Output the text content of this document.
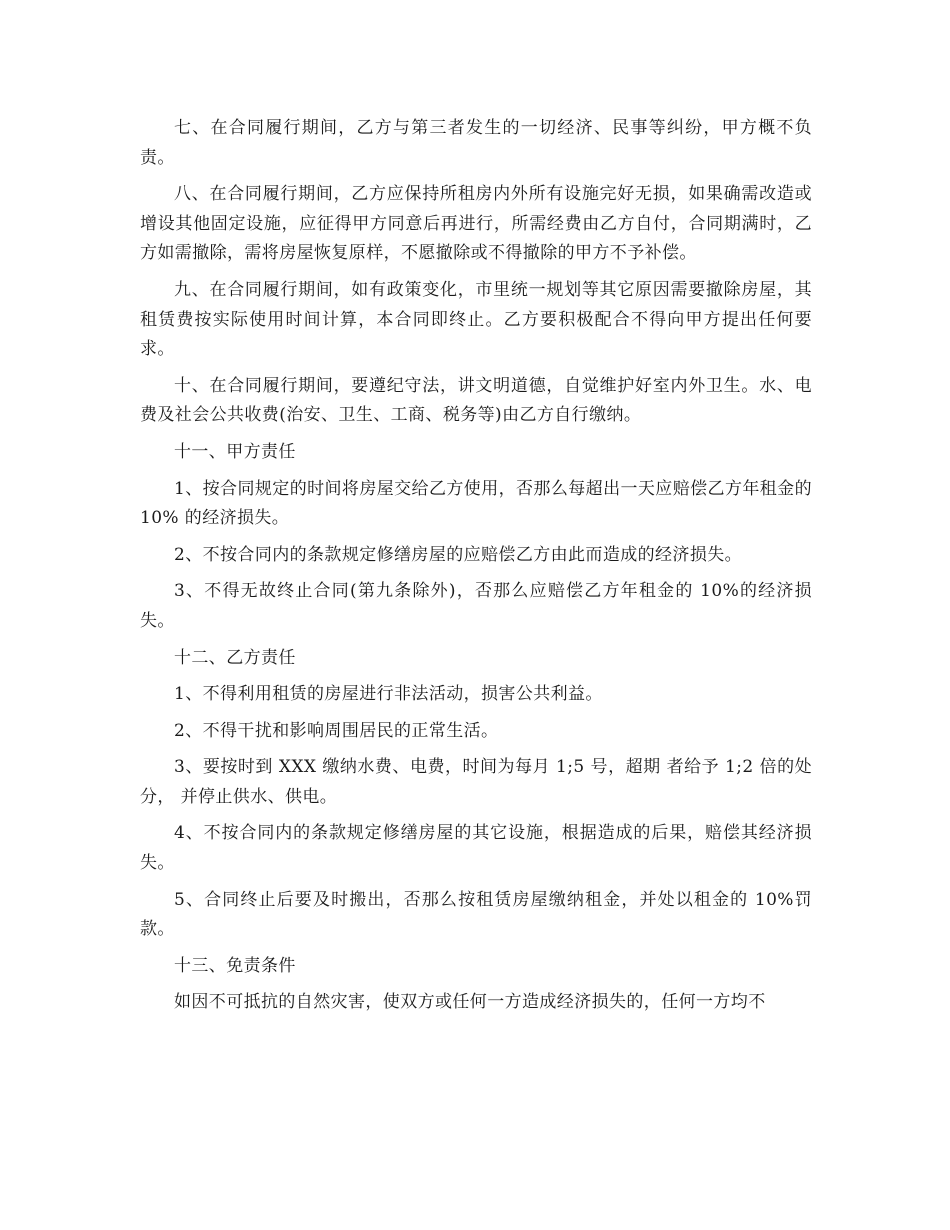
七、在合同履行期间，乙方与第三者发生的一切经济、民事等纠纷，甲方概不负责。

八、在合同履行期间，乙方应保持所租房内外所有设施完好无损，如果确需改造或增设其他固定设施，应征得甲方同意后再进行，所需经费由乙方自付，合同期满时，乙方如需撤除，需将房屋恢复原样，不愿撤除或不得撤除的甲方不予补偿。

九、在合同履行期间，如有政策变化，市里统一规划等其它原因需要撤除房屋，其租赁费按实际使用时间计算，本合同即终止。乙方要积极配合不得向甲方提出任何要求。

十、在合同履行期间，要遵纪守法，讲文明道德，自觉维护好室内外卫生。水、电费及社会公共收费(治安、卫生、工商、税务等)由乙方自行缴纳。

十一、甲方责任

1、按合同规定的时间将房屋交给乙方使用，否那么每超出一天应赔偿乙方年租金的 10% 的经济损失。

2、不按合同内的条款规定修缮房屋的应赔偿乙方由此而造成的经济损失。

3、不得无故终止合同(第九条除外)，否那么应赔偿乙方年租金的 10%的经济损失。

十二、乙方责任

1、不得利用租赁的房屋进行非法活动，损害公共利益。

2、不得干扰和影响周围居民的正常生活。

3、要按时到 XXX 缴纳水费、电费，时间为每月 1;5 号，超期 者给予 1;2 倍的处分， 并停止供水、供电。

4、不按合同内的条款规定修缮房屋的其它设施，根据造成的后果，赔偿其经济损失。

5、合同终止后要及时搬出，否那么按租赁房屋缴纳租金，并处以租金的 10%罚款。

十三、免责条件

如因不可抵抗的自然灾害，使双方或任何一方造成经济损失的，任何一方均不
